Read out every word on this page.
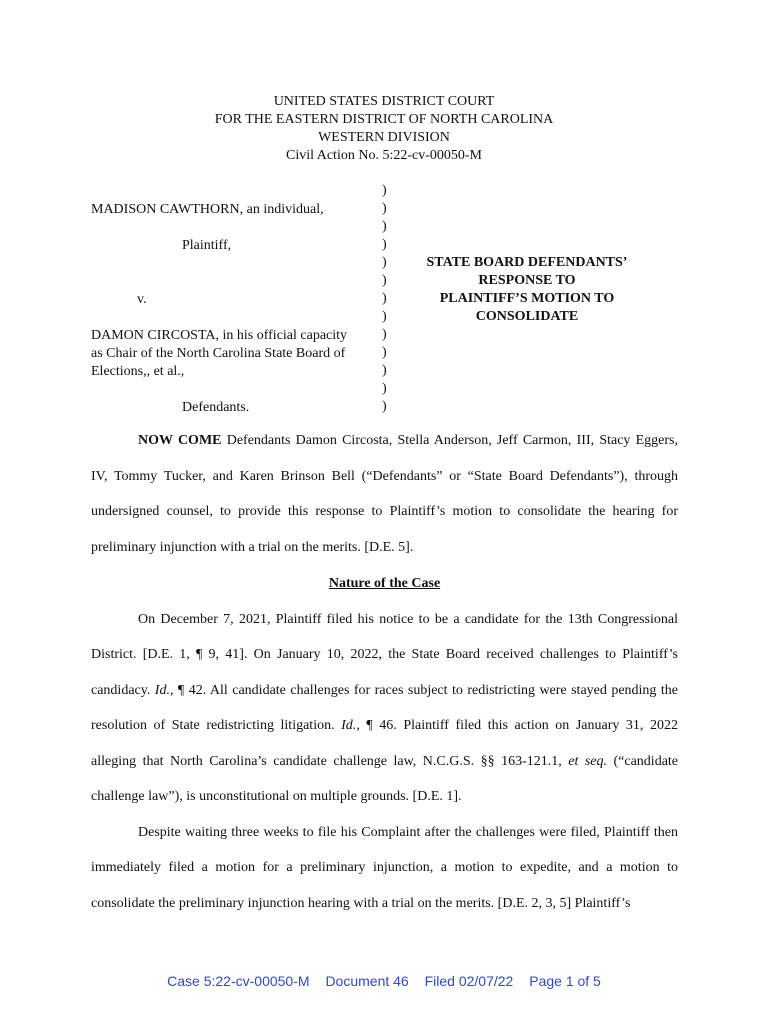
UNITED STATES DISTRICT COURT
FOR THE EASTERN DISTRICT OF NORTH CAROLINA
WESTERN DIVISION
Civil Action No. 5:22-cv-00050-M
MADISON CAWTHORN, an individual,
Plaintiff,
v.
DAMON CIRCOSTA, in his official capacity
as Chair of the North Carolina State Board of
Elections,, et al.,
Defendants.
)
)
)
)
)
)
)
)
)
)
)
)
)
STATE BOARD DEFENDANTS’
RESPONSE TO
PLAINTIFF’S MOTION TO
CONSOLIDATE

NOW COME Defendants Damon Circosta, Stella Anderson, Jeff Carmon, III, Stacy Eggers, IV, Tommy Tucker, and Karen Brinson Bell (“Defendants” or “State Board Defendants”), through undersigned counsel, to provide this response to Plaintiff’s motion to consolidate the hearing for preliminary injunction with a trial on the merits. [D.E. 5].

Nature of the Case

On December 7, 2021, Plaintiff filed his notice to be a candidate for the 13th Congressional District. [D.E. 1, ¶ 9, 41]. On January 10, 2022, the State Board received challenges to Plaintiff’s candidacy. Id., ¶ 42. All candidate challenges for races subject to redistricting were stayed pending the resolution of State redistricting litigation. Id., ¶ 46. Plaintiff filed this action on January 31, 2022 alleging that North Carolina’s candidate challenge law, N.C.G.S. §§ 163-121.1, et seq. (“candidate challenge law”), is unconstitutional on multiple grounds. [D.E. 1].

Despite waiting three weeks to file his Complaint after the challenges were filed, Plaintiff then immediately filed a motion for a preliminary injunction, a motion to expedite, and a motion to consolidate the preliminary injunction hearing with a trial on the merits. [D.E. 2, 3, 5] Plaintiff’s

Case 5:22-cv-00050-M Document 46 Filed 02/07/22 Page 1 of 5
